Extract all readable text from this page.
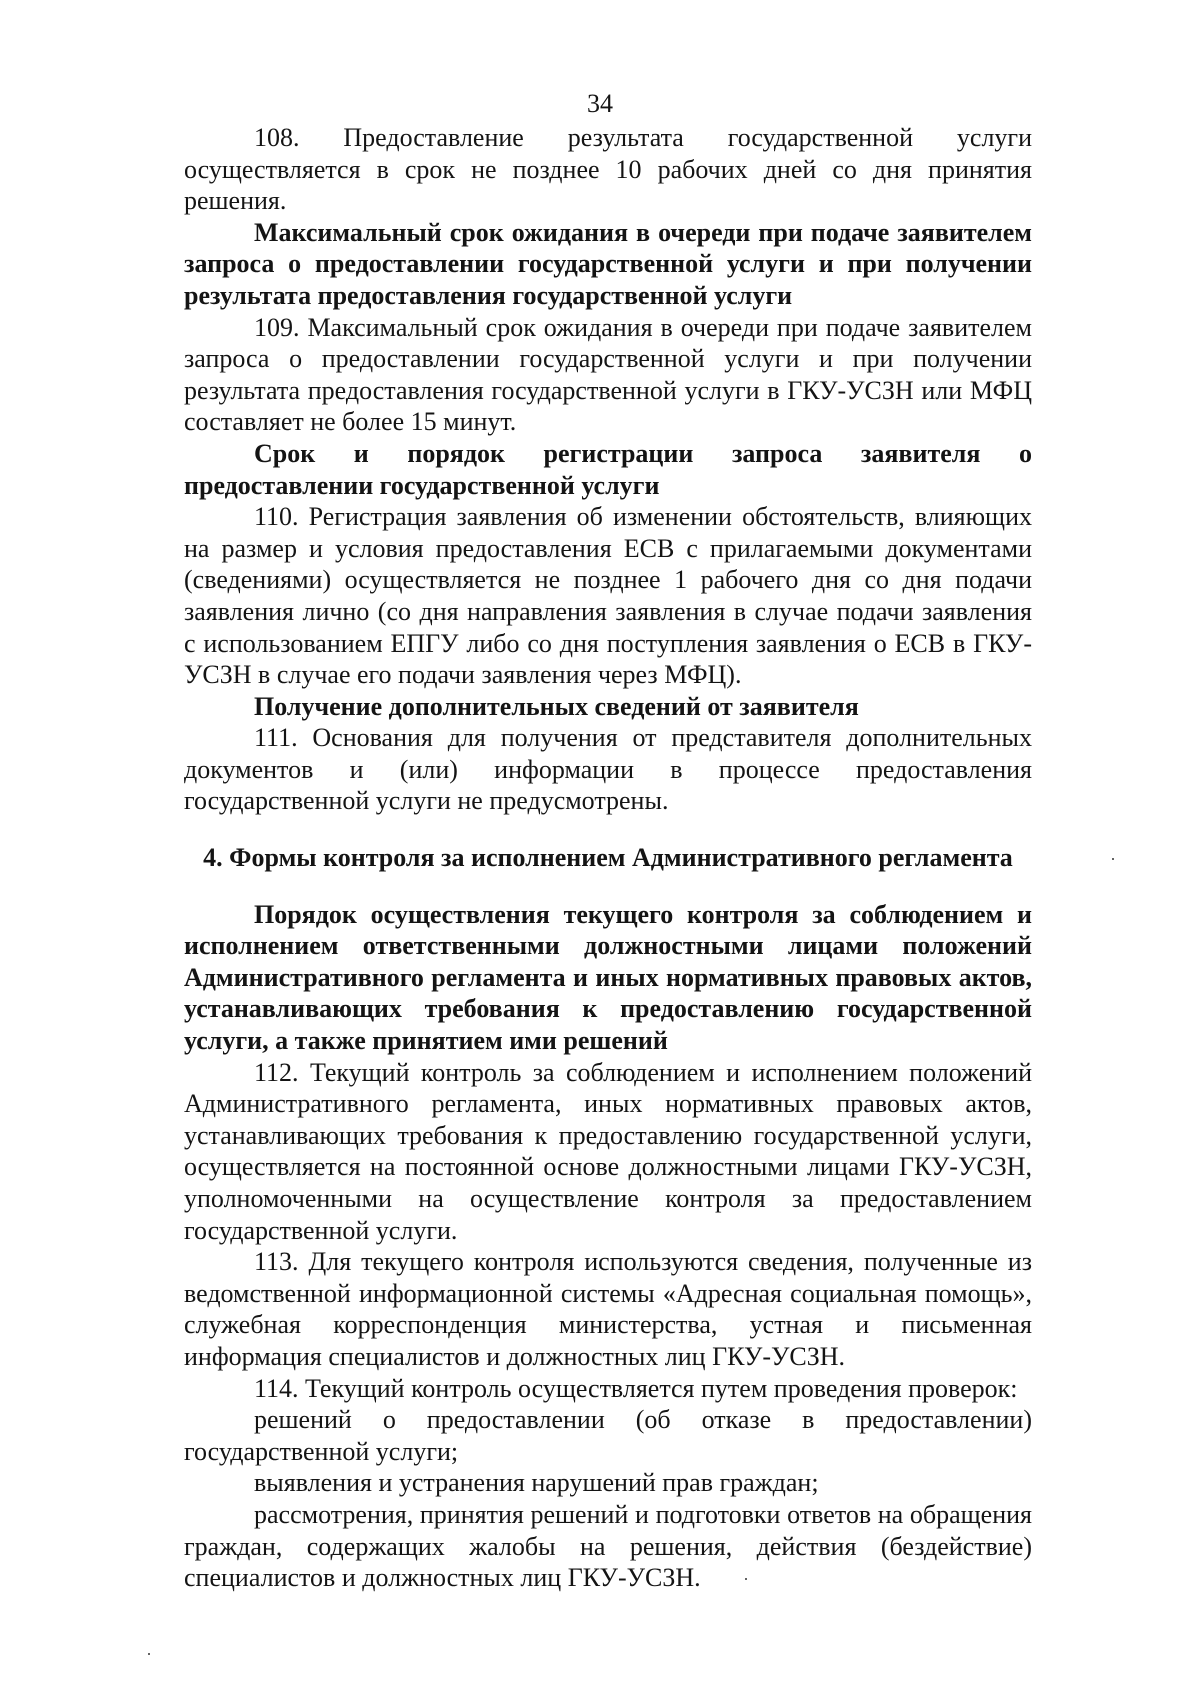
34

108. Предоставление результата государственной услуги осуществляется в срок не позднее 10 рабочих дней со дня принятия решения.

Максимальный срок ожидания в очереди при подаче заявителем запроса о предоставлении государственной услуги и при получении результата предоставления государственной услуги

109. Максимальный срок ожидания в очереди при подаче заявителем запроса о предоставлении государственной услуги и при получении результата предоставления государственной услуги в ГКУ-УСЗН или МФЦ составляет не более 15 минут.

Срок и порядок регистрации запроса заявителя о предоставлении государственной услуги

110. Регистрация заявления об изменении обстоятельств, влияющих на размер и условия предоставления ЕСВ с прилагаемыми документами (сведениями) осуществляется не позднее 1 рабочего дня со дня подачи заявления лично (со дня направления заявления в случае подачи заявления с использованием ЕПГУ либо со дня поступления заявления о ЕСВ в ГКУ-УСЗН в случае его подачи заявления через МФЦ).

Получение дополнительных сведений от заявителя

111. Основания для получения от представителя дополнительных документов и (или) информации в процессе предоставления государственной услуги не предусмотрены.

4. Формы контроля за исполнением Административного регламента

Порядок осуществления текущего контроля за соблюдением и исполнением ответственными должностными лицами положений Административного регламента и иных нормативных правовых актов, устанавливающих требования к предоставлению государственной услуги, а также принятием ими решений

112. Текущий контроль за соблюдением и исполнением положений Административного регламента, иных нормативных правовых актов, устанавливающих требования к предоставлению государственной услуги, осуществляется на постоянной основе должностными лицами ГКУ-УСЗН, уполномоченными на осуществление контроля за предоставлением государственной услуги.

113. Для текущего контроля используются сведения, полученные из ведомственной информационной системы «Адресная социальная помощь», служебная корреспонденция министерства, устная и письменная информация специалистов и должностных лиц ГКУ-УСЗН.

114. Текущий контроль осуществляется путем проведения проверок:

решений о предоставлении (об отказе в предоставлении) государственной услуги;

выявления и устранения нарушений прав граждан;

рассмотрения, принятия решений и подготовки ответов на обращения граждан, содержащих жалобы на решения, действия (бездействие) специалистов и должностных лиц ГКУ-УСЗН.
